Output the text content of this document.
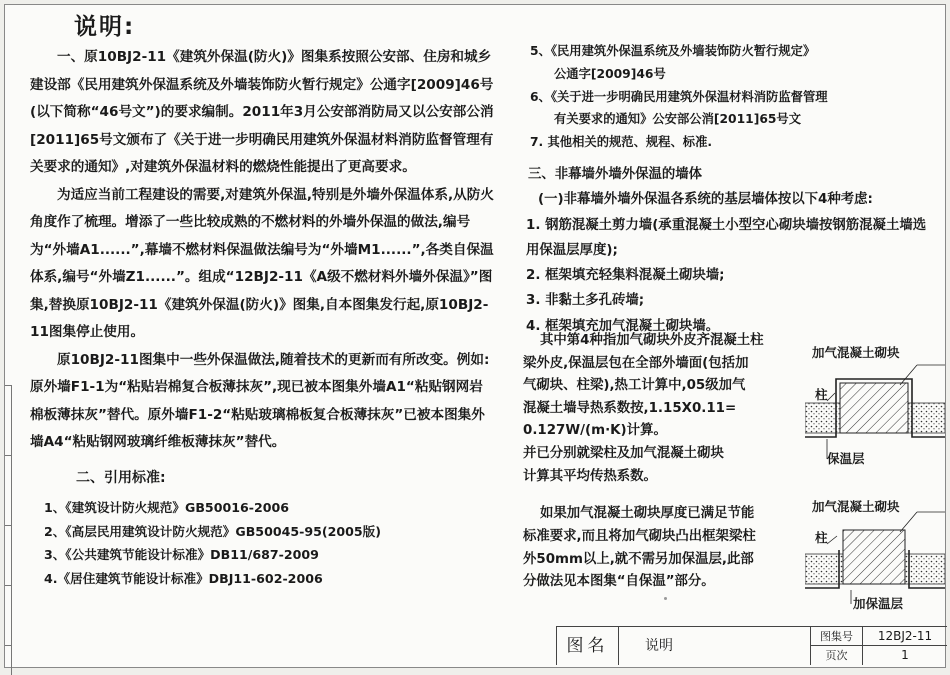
说明:

一、原10BJ2-11《建筑外保温(防火)》图集系按照公安部、住房和城乡建设部《民用建筑外保温系统及外墙装饰防火暂行规定》公通字[2009]46号(以下简称“46号文”)的要求编制。2011年3月公安部消防局又以公安部公消[2011]65号文颁布了《关于进一步明确民用建筑外保温材料消防监督管理有关要求的通知》,对建筑外保温材料的燃烧性能提出了更高要求。

为适应当前工程建设的需要,对建筑外保温,特别是外墙外保温体系,从防火角度作了梳理。增添了一些比较成熟的不燃材料的外墙外保温的做法,编号为“外墙A1......”,幕墙不燃材料保温做法编号为“外墙M1......”,各类自保温体系,编号“外墙Z1......”。组成“12BJ2-11《A级不燃材料外墙外保温》”图集,替换原10BJ2-11《建筑外保温(防火)》图集,自本图集发行起,原10BJ2-11图集停止使用。

原10BJ2-11图集中一些外保温做法,随着技术的更新而有所改变。例如:原外墙F1-1为“粘贴岩棉复合板薄抹灰”,现已被本图集外墙A1“粘贴钢网岩棉板薄抹灰”替代。原外墙F1-2“粘贴玻璃棉板复合板薄抹灰”已被本图集外墙A4“粘贴钢网玻璃纤维板薄抹灰”替代。

二、引用标准:

1、《建筑设计防火规范》GB50016-2006
2、《高层民用建筑设计防火规范》GB50045-95(2005版)
3、《公共建筑节能设计标准》DB11/687-2009
4.《居住建筑节能设计标准》DBJ11-602-2006
5、《民用建筑外保温系统及外墙装饰防火暂行规定》
公通字[2009]46号
6、《关于进一步明确民用建筑外保温材料消防监督管理
有关要求的通知》公安部公消[2011]65号文
7. 其他相关的规范、规程、标准.

三、非幕墙外墙外保温的墙体

(一)非幕墙外墙外保温各系统的基层墙体按以下4种考虑:

1. 钢筋混凝土剪力墙(承重混凝土小型空心砌块墙按钢筋混凝土墙选用保温层厚度);

2. 框架填充轻集料混凝土砌块墙;

3. 非黏土多孔砖墙;

4. 框架填充加气混凝土砌块墙。

其中第4种指加气砌块外皮齐混凝土柱

梁外皮,保温层包在全部外墙面(包括加

气砌块、柱梁),热工计算中,05级加气

混凝土墙导热系数按,1.15X0.11=

0.127W/(m·K)计算。

并已分别就梁柱及加气混凝土砌块

计算其平均传热系数。

如果加气混凝土砌块厚度已满足节能

标准要求,而且将加气砌块凸出框架梁柱

外50mm以上,就不需另加保温层,此部

分做法见本图集“自保温”部分。

加气混凝土砌块
柱
保温层
加气混凝土砌块
柱
加保温层
图名	说明
图集号	12BJ2-11
页次	1
